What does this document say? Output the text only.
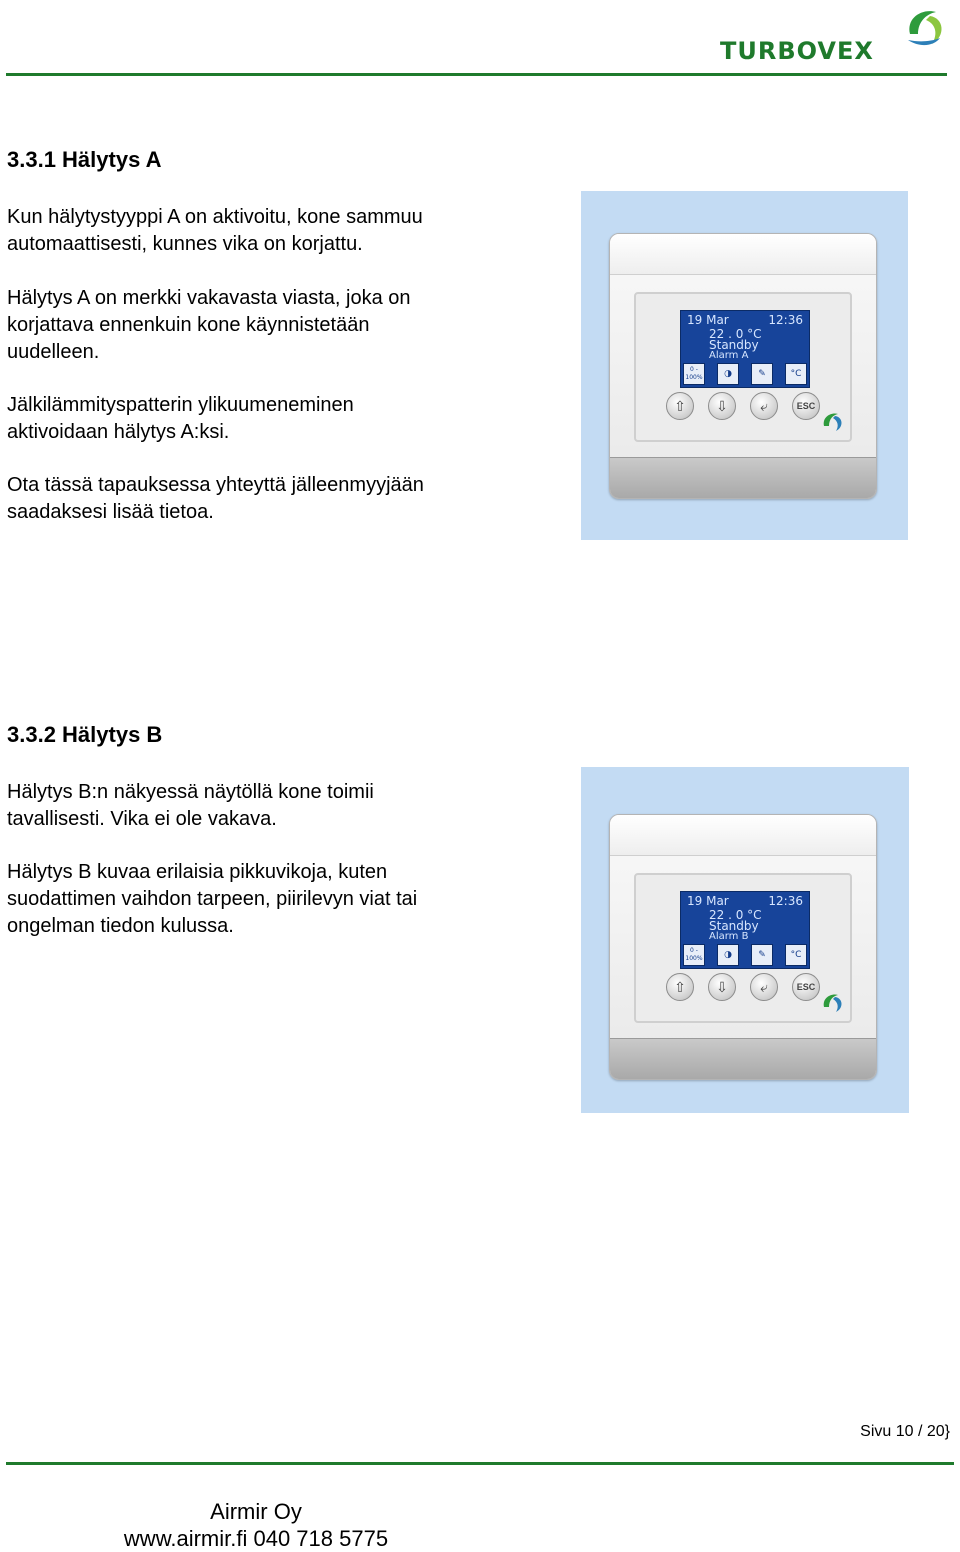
TURBOVEX
3.3.1 Hälytys A

Kun hälytystyyppi A on aktivoitu, kone sammuu
automaattisesti, kunnes vika on korjattu.

Hälytys A on merkki vakavasta viasta, joka on
korjattava ennenkuin kone käynnistetään
uudelleen.

Jälkilämmityspatterin ylikuumeneminen
aktivoidaan hälytys A:ksi.

Ota tässä tapauksessa yhteyttä jälleenmyyjään
saadaksesi lisää tietoa.

19 Mar	12:36
22 . 0 °C
Standby
Alarm A
0 - 100%	◑	✎	°C
⇧	⇩	⤶	ESC
3.3.2 Hälytys B

Hälytys B:n näkyessä näytöllä kone toimii
tavallisesti. Vika ei ole vakava.

Hälytys B kuvaa erilaisia pikkuvikoja, kuten
suodattimen vaihdon tarpeen, piirilevyn viat tai
ongelman tiedon kulussa.

19 Mar	12:36
22 . 0 °C
Standby
Alarm B
0 - 100%	◑	✎	°C
⇧	⇩	⤶	ESC
Sivu 10 / 20}
Airmir Oy
www.airmir.fi 040 718 5775
